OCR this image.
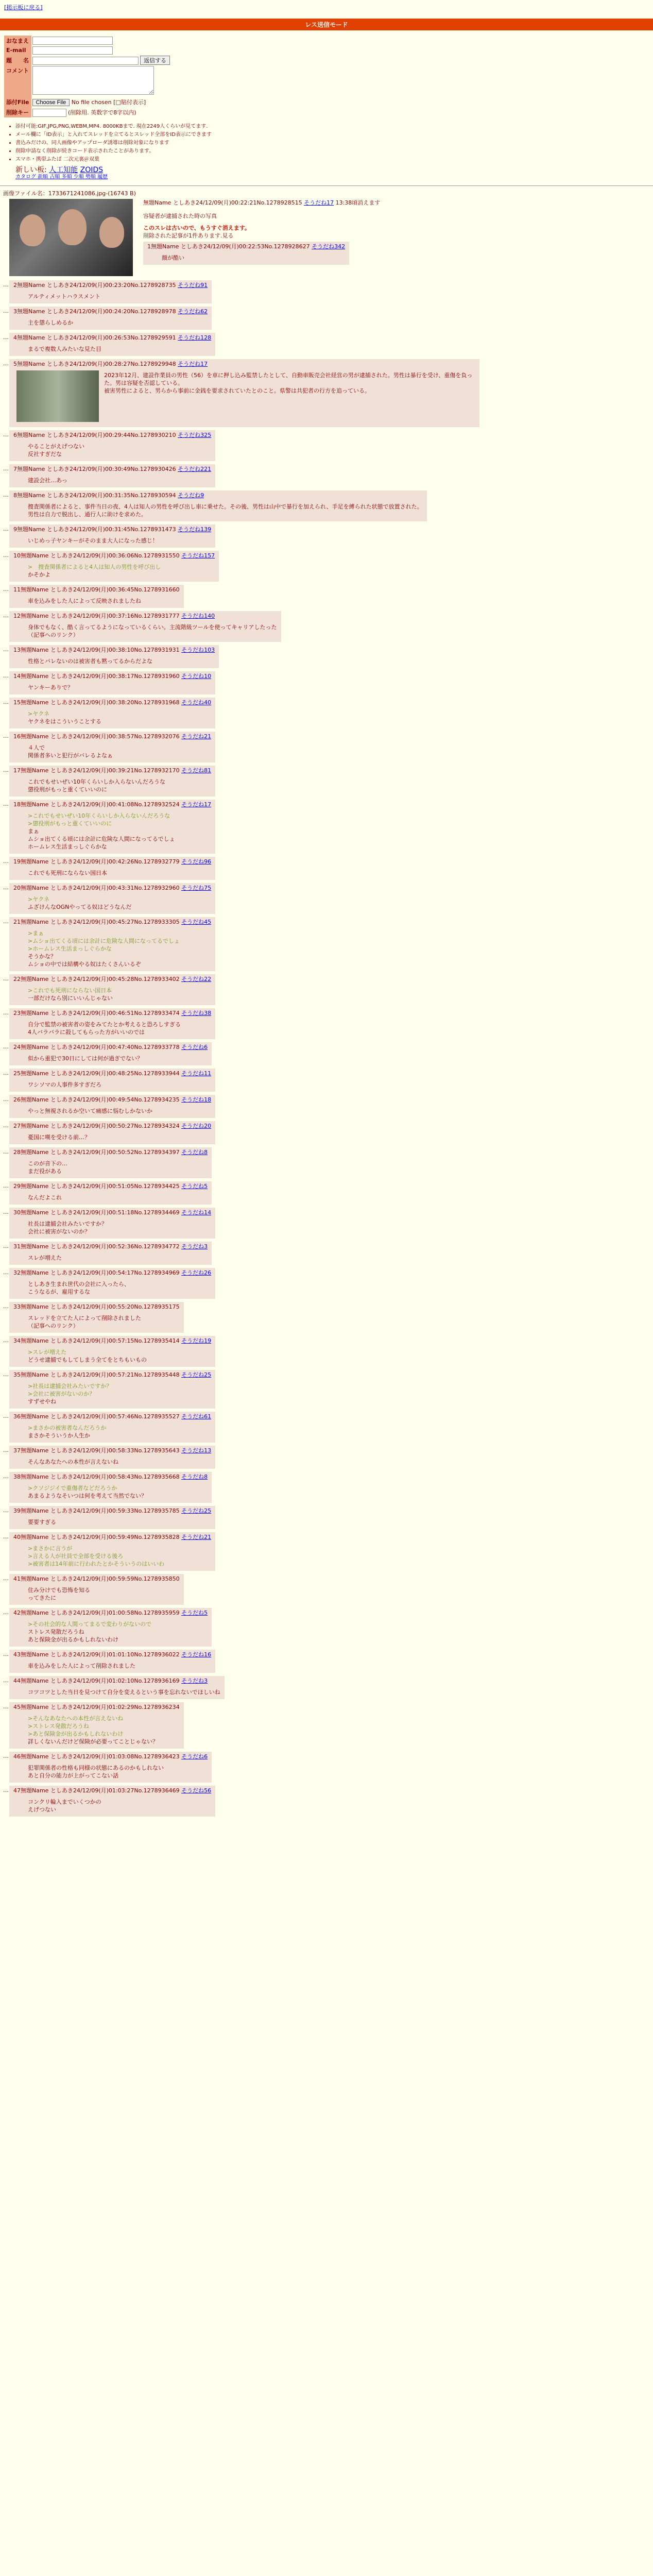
[掲示板に戻る]
レス送信モード
おなまえ	
E-mail	
題　　名	返信する
コメント	
添付File	Choose File No file chosen [□貼付表示]
削除キー	(削除用. 英数字で8字以内)
• 添付可能:GIF,JPG,PNG,WEBM,MP4. 8000KBまで. 現在2249人くらいが見てます.
• メール欄に「ID表示」と入れてスレッドを立てるとスレッド全部をID表示にできます
• 書込みだけの、同人画像やアップローダ誘導は削除対象になります
• 削除申請なく削除が続きコード表示されたことがあります。
• スマホ・携帯ふたば 二次元裏＠双葉
新しい板: 人工知能 ZOIDS
カタログ 新順 古順 多順 少順 勢順 履歴
画像ファイル名：1733671241086.jpg-(16743 B)
無題Name としあき24/12/09(月)00:22:21No.1278928515 そうだね17 13:38頃消えます
容疑者が逮捕された時の写真
このスレは古いので、もうすぐ消えます。
削除された記事が1件あります.見る
1無題Name としあき24/12/09(月)00:22:53No.1278928627 そうだね342
顔が酷い
… 2無題Name としあき24/12/09(月)00:23:20No.1278928735 そうだね91
アルティメットハラスメント
… 3無題Name としあき24/12/09(月)00:24:20No.1278928978 そうだね62
主を懲らしめるか
… 4無題Name としあき24/12/09(月)00:26:53No.1278929591 そうだね128
まるで複数人みたいな見た目
… 5無題Name としあき24/12/09(月)00:28:27No.1278929948 そうだね17
2023年12月、建設作業員の男性（56）を車に押し込み監禁したとして、自動車販売会社経営の男が逮捕された。男性は暴行を受け、重傷を負った。男は容疑を否認している。
被害男性によると、男らから事前に金銭を要求されていたとのこと。県警は共犯者の行方を追っている。
… 6無題Name としあき24/12/09(月)00:29:44No.1278930210 そうだね325
やることがえげつない
反社すぎだな
… 7無題Name としあき24/12/09(月)00:30:49No.1278930426 そうだね221
建設会社…あっ
… 8無題Name としあき24/12/09(月)00:31:35No.1278930594 そうだね9
捜査関係者によると、事件当日の夜、4人は知人の男性を呼び出し車に乗せた。その後、男性は山中で暴行を加えられ、手足を縛られた状態で放置された。
男性は自力で脱出し、通行人に助けを求めた。
… 9無題Name としあき24/12/09(月)00:31:45No.1278931473 そうだね139
いじめっ子ヤンキーがそのまま大人になった感じ！
… 10無題Name としあき24/12/09(月)00:36:06No.1278931550 そうだね157
>　捜査関係者によると4人は知人の男性を呼び出し
かそかよ
… 11無題Name としあき24/12/09(月)00:36:45No.1278931660
車を込みをした人によって反映されましたね
… 12無題Name としあき24/12/09(月)00:37:16No.1278931777 そうだね140
身体でもなく、酷く言ってるようになっているくらい。主流階級ツールを使ってキャリアしたった
（記事へのリンク）
… 13無題Name としあき24/12/09(月)00:38:10No.1278931931 そうだね103
性格とバレないのは被害者も黙ってるからだよな
… 14無題Name としあき24/12/09(月)00:38:17No.1278931960 そうだね10
ヤンキーありで？
… 15無題Name としあき24/12/09(月)00:38:20No.1278931968 そうだね40
>ヤクネ
ヤクネをはこういうことする
… 16無題Name としあき24/12/09(月)00:38:57No.1278932076 そうだね21
４人で
関係者多いと犯行がバレるよなぁ
… 17無題Name としあき24/12/09(月)00:39:21No.1278932170 そうだね81
これでもせいぜい10年くらいしか入らないんだろうな
懲役刑がもっと重くていいのに
… 18無題Name としあき24/12/09(月)00:41:08No.1278932524 そうだね17
>これでもせいぜい10年くらいしか入らないんだろうな
>懲役刑がもっと重くていいのに
まぁ
ムショ出てくる頃には余計に危険な人間になってるでしょ
ホームレス生活まっしぐらかな
… 19無題Name としあき24/12/09(月)00:42:26No.1278932779 そうだね96
これでも死刑にならない国日本
… 20無題Name としあき24/12/09(月)00:43:31No.1278932960 そうだね75
>ヤクネ
ふざけんなOGNやってる奴はどうなんだ
… 21無題Name としあき24/12/09(月)00:45:27No.1278933305 そうだね45
>まぁ
>ムショ出てくる頃には余計に危険な人間になってるでしょ
>ホームレス生活まっしぐらかな
そうかな？
ムショの中では結構やる奴はたくさんいるぞ
… 22無題Name としあき24/12/09(月)00:45:28No.1278933402 そうだね22
>これでも死刑にならない国日本
一部だけなら別にいいんじゃない
… 23無題Name としあき24/12/09(月)00:46:51No.1278933474 そうだね38
自分で監禁の被害者の姿をみてたとか考えると恐ろしすぎる
4人バラバラに殺してもらった方がいいのでは
… 24無題Name としあき24/12/09(月)00:47:40No.1278933778 そうだね6
似から重犯で30日にしては何が過ぎでない？
… 25無題Name としあき24/12/09(月)00:48:25No.1278933944 そうだね11
ワシソマの人事件多すぎだろ
… 26無題Name としあき24/12/09(月)00:49:54No.1278934235 そうだね18
やっと無視されるか空いて痛感に悩むしかないか
… 27無題Name としあき24/12/09(月)00:50:27No.1278934324 そうだね20
憂国に嘆を受ける前…？
… 28無題Name としあき24/12/09(月)00:50:52No.1278934397 そうだね8
このが音下の…
まだ役がある
… 29無題Name としあき24/12/09(月)00:51:05No.1278934425 そうだね5
なんだよこれ
… 30無題Name としあき24/12/09(月)00:51:18No.1278934469 そうだね14
社長は逮捕会社みたいですか？
会社に被害がないのか？
… 31無題Name としあき24/12/09(月)00:52:36No.1278934772 そうだね3
スレが増えた
… 32無題Name としあき24/12/09(月)00:54:17No.1278934969 そうだね26
としあき生まれ世代の会社に入ったら、
こうなるが、雇用するな
… 33無題Name としあき24/12/09(月)00:55:20No.1278935175
スレッドを立てた人によって削除されました
（記事へのリンク）
… 34無題Name としあき24/12/09(月)00:57:15No.1278935414 そうだね19
>スレが増えた
どうせ逮捕でもしてしまう全てをとちもいもの
… 35無題Name としあき24/12/09(月)00:57:21No.1278935448 そうだね25
>社長は逮捕会社みたいですか？
>会社に被害がないのか？
すずせやね
… 36無題Name としあき24/12/09(月)00:57:46No.1278935527 そうだね61
>まさかの被害者なんだろうか
まさかそういうか人生か
… 37無題Name としあき24/12/09(月)00:58:33No.1278935643 そうだね13
そんなあなたへの本性が言えないね
… 38無題Name としあき24/12/09(月)00:58:43No.1278935668 そうだね8
>クソジジイで重傷者などだろうか
あまるようなそいつは何を考えて当然でない？
… 39無題Name としあき24/12/09(月)00:59:33No.1278935785 そうだね25
要要すぎる
… 40無題Name としあき24/12/09(月)00:59:49No.1278935828 そうだね21
>まさかに言うが
>言える人が社員で全部を受ける後ろ
>被害者は14年前に行われたとかそういうのはいいわ
… 41無題Name としあき24/12/09(月)00:59:59No.1278935850
住み分けでも恐怖を知る
ってきたに
… 42無題Name としあき24/12/09(月)01:00:58No.1278935959 そうだね5
>その社会的な人間ってまるで変わりがないので
ストレス発散だろうね
あと保険金が出るかもしれないわけ
… 43無題Name としあき24/12/09(月)01:01:10No.1278936022 そうだね16
車を込みをした人によって削除されました
… 44無題Name としあき24/12/09(月)01:02:10No.1278936169 そうだね3
コツコツとした当日を見つけて自分を変えるという事を忘れないでほしいね
… 45無題Name としあき24/12/09(月)01:02:29No.1278936234
>そんなあなたへの本性が言えないね
>ストレス発散だろうね
>あと保険金が出るかもしれないわけ
詳しくないんだけど保険が必要ってことじゃない？
… 46無題Name としあき24/12/09(月)01:03:08No.1278936423 そうだね6
犯罪関係者の性格も同様の状態にあるのかもしれない
あと自分の能力が上がってこない話
… 47無題Name としあき24/12/09(月)01:03:27No.1278936469 そうだね56
コンクリ輪入までいくつかの
えげつない
